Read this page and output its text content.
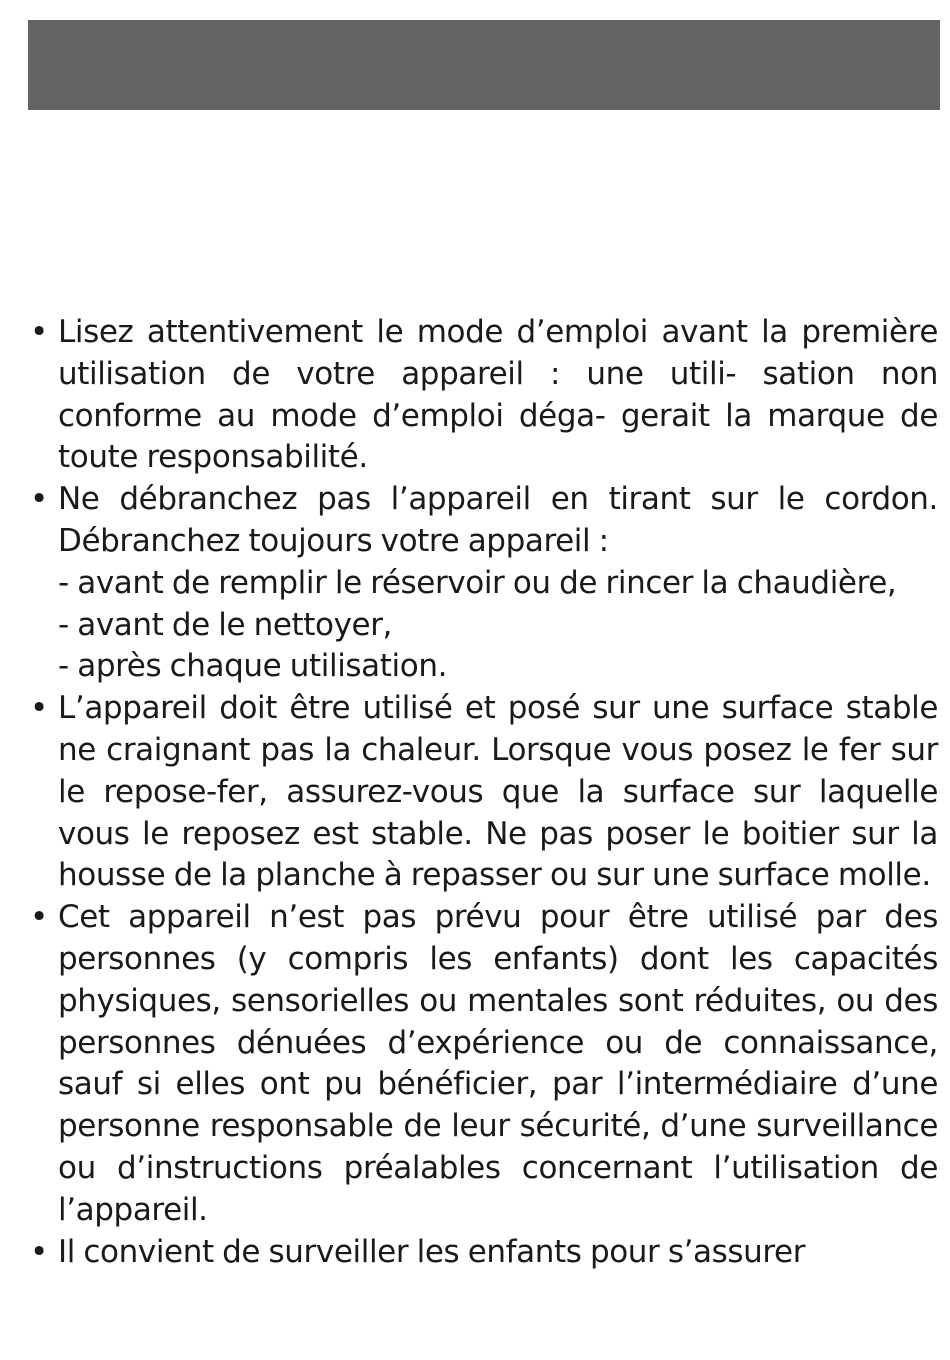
• Lisez attentivement le mode d’emploi avant la première utilisation de votre appareil : une utili- sation non conforme au mode d’emploi déga- gerait la marque de toute responsabilité.
• Ne débranchez pas l’appareil en tirant sur le cordon. Débranchez toujours votre appareil :
- avant de remplir le réservoir ou de rincer la chaudière,
- avant de le nettoyer,
- après chaque utilisation.
• L’appareil doit être utilisé et posé sur une surface stable ne craignant pas la chaleur. Lorsque vous posez le fer sur le repose-fer, assurez-vous que la surface sur laquelle vous le reposez est stable. Ne pas poser le boitier sur la housse de la planche à repasser ou sur une surface molle.
• Cet appareil n’est pas prévu pour être utilisé par des personnes (y compris les enfants) dont les capacités physiques, sensorielles ou mentales sont réduites, ou des personnes dénuées d’expérience ou de connaissance, sauf si elles ont pu bénéficier, par l’intermédiaire d’une personne responsable de leur sécurité, d’une surveillance ou d’instructions préalables concernant l’utilisation de l’appareil.
• Il convient de surveiller les enfants pour s’assurer
